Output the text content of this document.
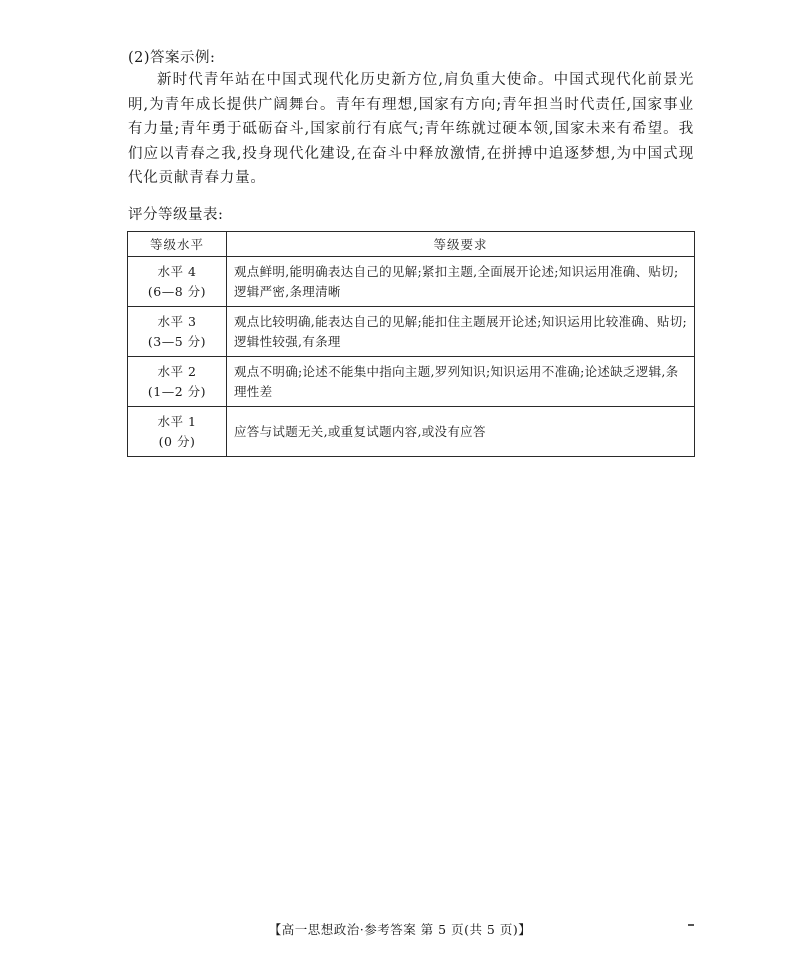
(2)答案示例:

新时代青年站在中国式现代化历史新方位,肩负重大使命。中国式现代化前景光明,为青年成长提供广阔舞台。青年有理想,国家有方向;青年担当时代责任,国家事业有力量;青年勇于砥砺奋斗,国家前行有底气;青年练就过硬本领,国家未来有希望。我们应以青春之我,投身现代化建设,在奋斗中释放激情,在拼搏中追逐梦想,为中国式现代化贡献青春力量。

评分等级量表:
等级水平	等级要求

水平 4
(6—8 分)	观点鲜明,能明确表达自己的见解;紧扣主题,全面展开论述;知识运用准确、贴切;逻辑严密,条理清晰

水平 3
(3—5 分)	观点比较明确,能表达自己的见解;能扣住主题展开论述;知识运用比较准确、贴切;逻辑性较强,有条理

水平 2
(1—2 分)	观点不明确;论述不能集中指向主题,罗列知识;知识运用不准确;论述缺乏逻辑,条理性差

水平 1
(0 分)	应答与试题无关,或重复试题内容,或没有应答
【高一思想政治·参考答案 第 5 页(共 5 页)】
